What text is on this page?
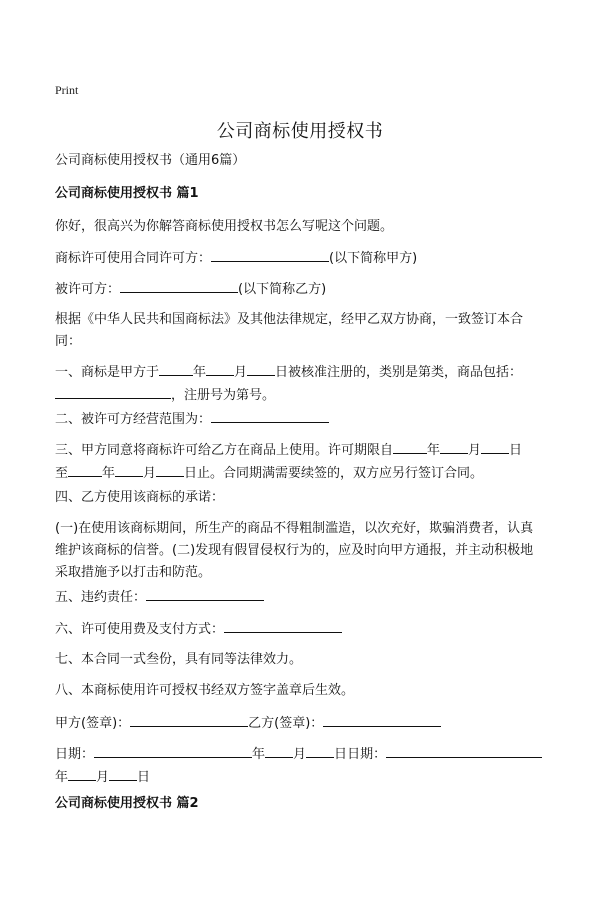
Print
公司商标使用授权书
公司商标使用授权书（通用6篇）
公司商标使用授权书 篇1
你好，很高兴为你解答商标使用授权书怎么写呢这个问题。
商标许可使用合同许可方：	(以下简称甲方)
被许可方：	(以下简称乙方)
根据《中华人民共和国商标法》及其他法律规定，经甲乙双方协商，一致签订本合同：
一、商标是甲方于	年 月 日被核准注册的，类别是第类，商品包括：
，注册号为第号。
二、被许可方经营范围为：
三、甲方同意将商标许可给乙方在商品上使用。许可期限自	年 月 日
至	年 月 日止。合同期满需要续签的，双方应另行签订合同。
四、乙方使用该商标的承诺：
(一)在使用该商标期间，所生产的商品不得粗制滥造，以次充好，欺骗消费者，认真维护该商标的信誉。(二)发现有假冒侵权行为的，应及时向甲方通报，并主动积极地采取措施予以打击和防范。
五、违约责任：
六、许可使用费及支付方式：
七、本合同一式叁份，具有同等法律效力。
八、本商标使用许可授权书经双方签字盖章后生效。
甲方(签章)：	乙方(签章)：
日期：	年 月 日日期：
年 月 日
公司商标使用授权书 篇2
